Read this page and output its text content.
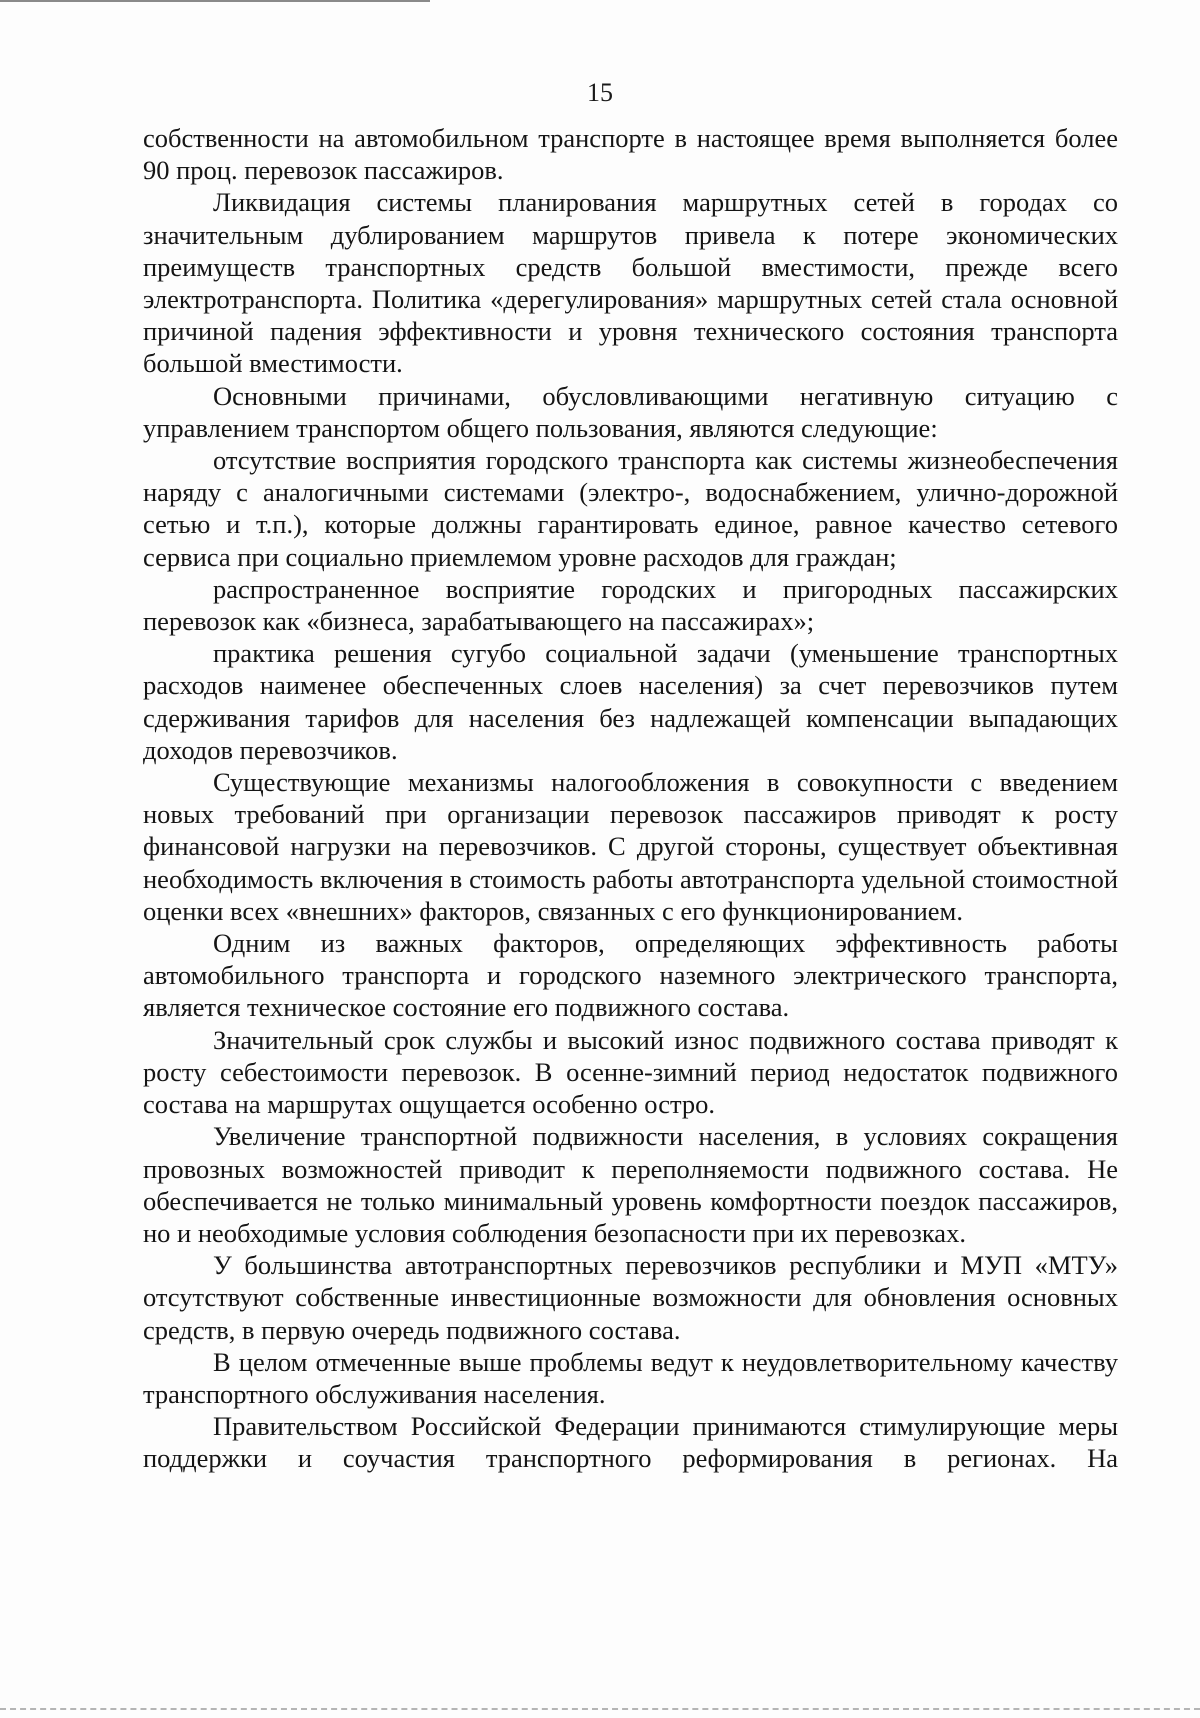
15

собственности на автомобильном транспорте в настоящее время выполняется более 90 проц. перевозок пассажиров.

Ликвидация системы планирования маршрутных сетей в городах со значительным дублированием маршрутов привела к потере экономических преимуществ транспортных средств большой вместимости, прежде всего электротранспорта. Политика «дерегулирования» маршрутных сетей стала основной причиной падения эффективности и уровня технического состояния транспорта большой вместимости.

Основными причинами, обусловливающими негативную ситуацию с управлением транспортом общего пользования, являются следующие:

отсутствие восприятия городского транспорта как системы жизнеобеспечения наряду с аналогичными системами (электро-, водоснабжением, улично-дорожной сетью и т.п.), которые должны гарантировать единое, равное качество сетевого сервиса при социально приемлемом уровне расходов для граждан;

распространенное восприятие городских и пригородных пассажирских перевозок как «бизнеса, зарабатывающего на пассажирах»;

практика решения сугубо социальной задачи (уменьшение транспортных расходов наименее обеспеченных слоев населения) за счет перевозчиков путем сдерживания тарифов для населения без надлежащей компенсации выпадающих доходов перевозчиков.

Существующие механизмы налогообложения в совокупности с введением новых требований при организации перевозок пассажиров приводят к росту финансовой нагрузки на перевозчиков. С другой стороны, существует объективная необходимость включения в стоимость работы автотранспорта удельной стоимостной оценки всех «внешних» факторов, связанных с его функционированием.

Одним из важных факторов, определяющих эффективность работы автомобильного транспорта и городского наземного электрического транспорта, является техническое состояние его подвижного состава.

Значительный срок службы и высокий износ подвижного состава приводят к росту себестоимости перевозок. В осенне-зимний период недостаток подвижного состава на маршрутах ощущается особенно остро.

Увеличение транспортной подвижности населения, в условиях сокращения провозных возможностей приводит к переполняемости подвижного состава. Не обеспечивается не только минимальный уровень комфортности поездок пассажиров, но и необходимые условия соблюдения безопасности при их перевозках.

У большинства автотранспортных перевозчиков республики и МУП «МТУ» отсутствуют собственные инвестиционные возможности для обновления основных средств, в первую очередь подвижного состава.

В целом отмеченные выше проблемы ведут к неудовлетворительному качеству транспортного обслуживания населения.

Правительством Российской Федерации принимаются стимулирующие меры поддержки и соучастия транспортного реформирования в регионах. На
